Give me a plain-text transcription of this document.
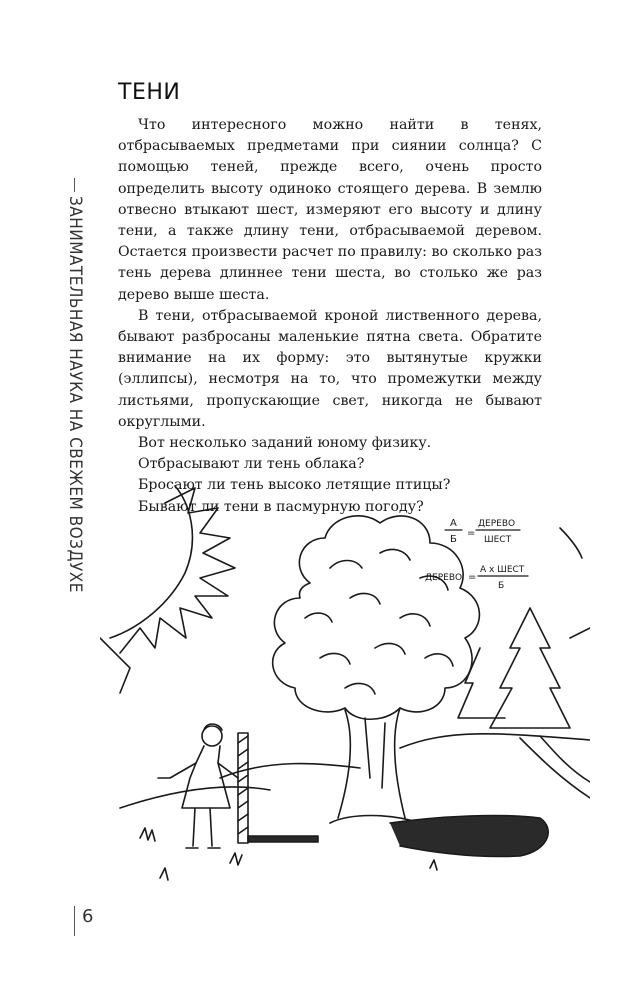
ЗАНИМАТЕЛЬНАЯ НАУКА НА СВЕЖЕМ ВОЗДУХЕ
6
ТЕНИ

Что интересного можно найти в тенях, отбрасываемых предметами при сиянии солнца? С помощью теней, прежде всего, очень просто определить высоту одиноко стоящего дерева. В землю отвесно втыкают шест, измеряют его высоту и длину тени, а также длину тени, отбрасываемой деревом. Остается произвести расчет по правилу: во сколько раз тень дерева длиннее тени шеста, во столько же раз дерево выше шеста.

В тени, отбрасываемой кроной лиственного дерева, бывают разбросаны маленькие пятна света. Обратите внимание на их форму: это вытянутые кружки (эллипсы), несмотря на то, что промежутки между листьями, пропускающие свет, никогда не бывают округлыми.

Вот несколько заданий юному физику.

Отбрасывают ли тень облака?

Бросают ли тень высоко летящие птицы?

Бывают ли тени в пасмурную погоду?

А
Б
=
ДЕРЕВО
ШЕСТ
ДЕРЕВО =
А х ШЕСТ
Б
